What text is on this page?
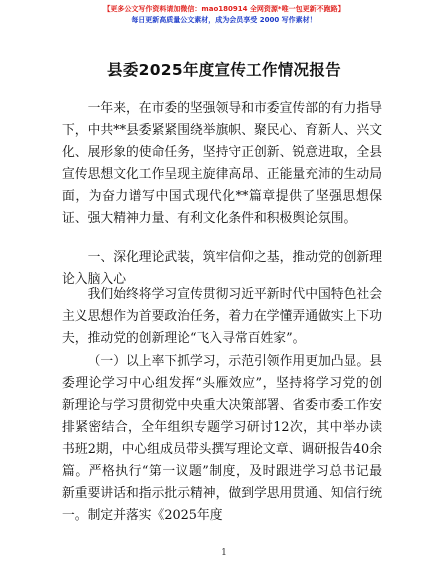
【更多公文写作资料请加微信：mao180914 全网资源*唯一包更新不跑路】
每日更新高质量公文素材，成为会员享受 2000 写作素材！
县委2025年度宣传工作情况报告

一年来，在市委的坚强领导和市委宣传部的有力指导下，中共**县委紧紧围绕举旗帜、聚民心、育新人、兴文化、展形象的使命任务，坚持守正创新、锐意进取，全县宣传思想文化工作呈现主旋律高昂、正能量充沛的生动局面，为奋力谱写中国式现代化**篇章提供了坚强思想保证、强大精神力量、有利文化条件和积极舆论氛围。

一、深化理论武装，筑牢信仰之基，推动党的创新理论入脑入心

我们始终将学习宣传贯彻习近平新时代中国特色社会主义思想作为首要政治任务，着力在学懂弄通做实上下功夫，推动党的创新理论“飞入寻常百姓家”。

（一）以上率下抓学习，示范引领作用更加凸显。县委理论学习中心组发挥“头雁效应”，坚持将学习党的创新理论与学习贯彻党中央重大决策部署、省委市委工作安排紧密结合，全年组织专题学习研讨12次，其中举办读书班2期，中心组成员带头撰写理论文章、调研报告40余篇。严格执行“第一议题”制度，及时跟进学习总书记最新重要讲话和指示批示精神，做到学思用贯通、知信行统一。制定并落实《2025年度

1
